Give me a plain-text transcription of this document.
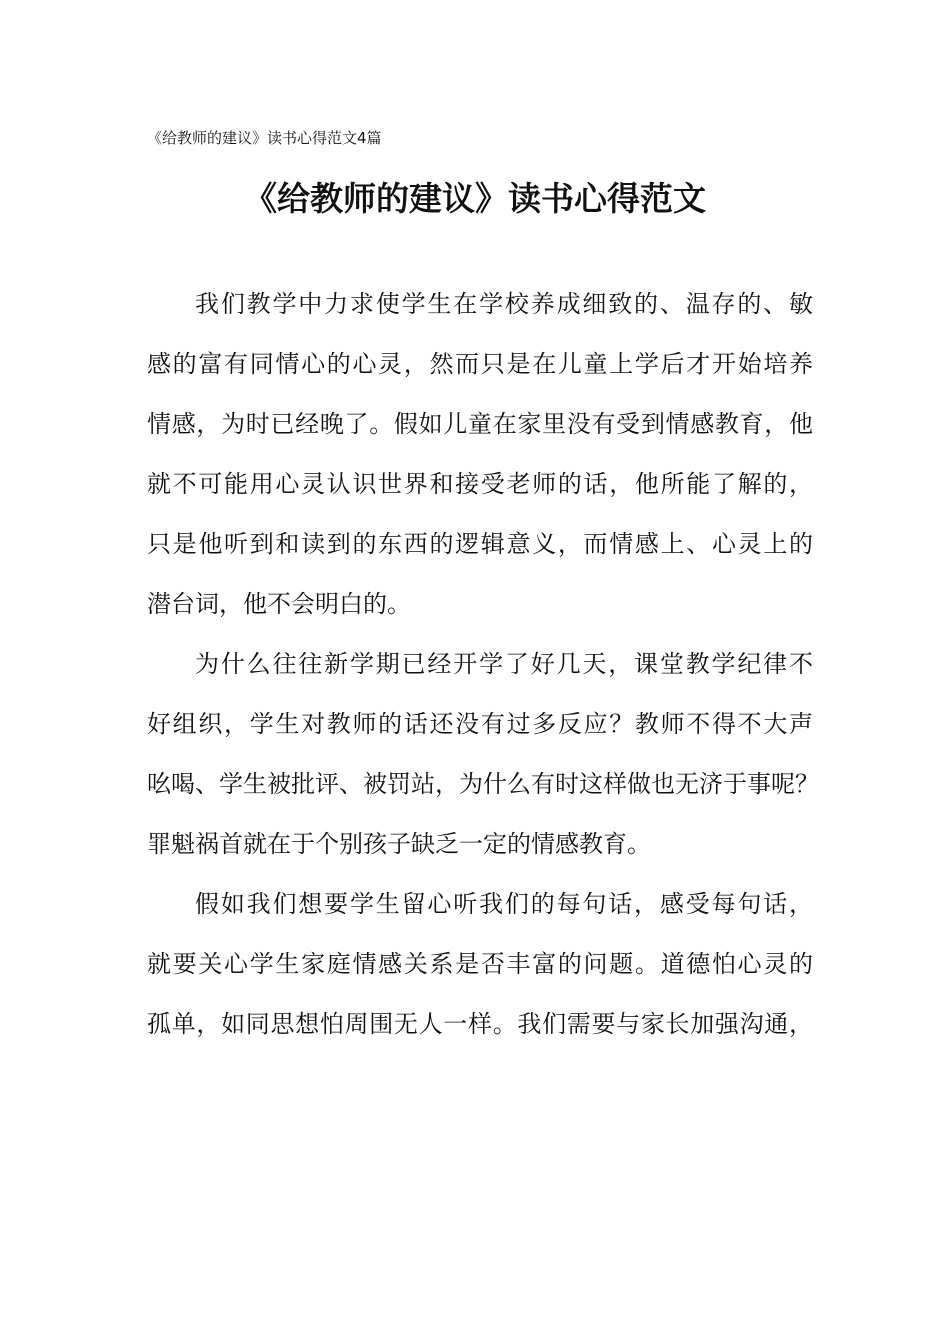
《给教师的建议》读书心得范文4篇
《给教师的建议》读书心得范文

我们教学中力求使学生在学校养成细致的、温存的、敏
感的富有同情心的心灵，然而只是在儿童上学后才开始培养
情感，为时已经晚了。假如儿童在家里没有受到情感教育，他
就不可能用心灵认识世界和接受老师的话，他所能了解的，
只是他听到和读到的东西的逻辑意义，而情感上、心灵上的
潜台词，他不会明白的。

为什么往往新学期已经开学了好几天，课堂教学纪律不
好组织，学生对教师的话还没有过多反应？教师不得不大声
吆喝、学生被批评、被罚站，为什么有时这样做也无济于事呢？
罪魁祸首就在于个别孩子缺乏一定的情感教育。

假如我们想要学生留心听我们的每句话，感受每句话，
就要关心学生家庭情感关系是否丰富的问题。道德怕心灵的
孤单，如同思想怕周围无人一样。我们需要与家长加强沟通，
